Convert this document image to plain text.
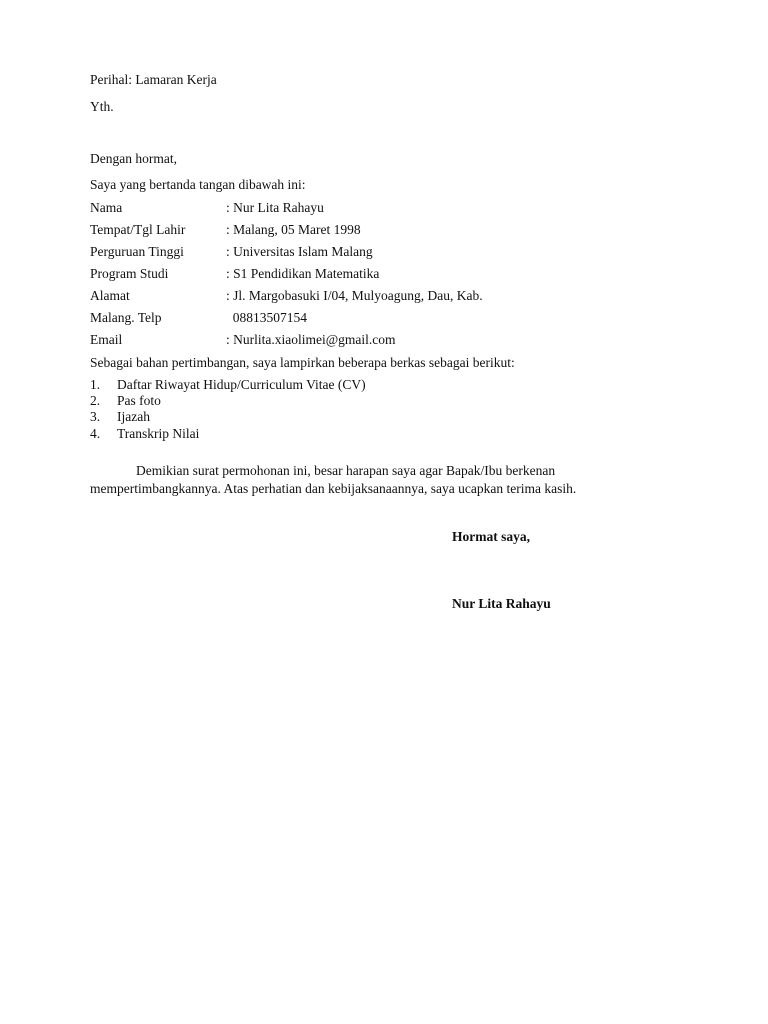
Perihal: Lamaran Kerja
Yth.
Dengan hormat,
Saya yang bertanda tangan dibawah ini:
Nama	: Nur Lita Rahayu
Tempat/Tgl Lahir	: Malang, 05 Maret 1998
Perguruan Tinggi	: Universitas Islam Malang
Program Studi	: S1 Pendidikan Matematika
Alamat	: Jl. Margobasuki I/04, Mulyoagung, Dau, Kab.
Malang. Telp	08813507154
Email	: Nurlita.xiaolimei@gmail.com
Sebagai bahan pertimbangan, saya lampirkan beberapa berkas sebagai berikut:
1. Daftar Riwayat Hidup/Curriculum Vitae (CV)
2. Pas foto
3. Ijazah
4. Transkrip Nilai
Demikian surat permohonan ini, besar harapan saya agar Bapak/Ibu berkenan
mempertimbangkannya. Atas perhatian dan kebijaksanaannya, saya ucapkan terima kasih.
Hormat saya,
Nur Lita Rahayu
